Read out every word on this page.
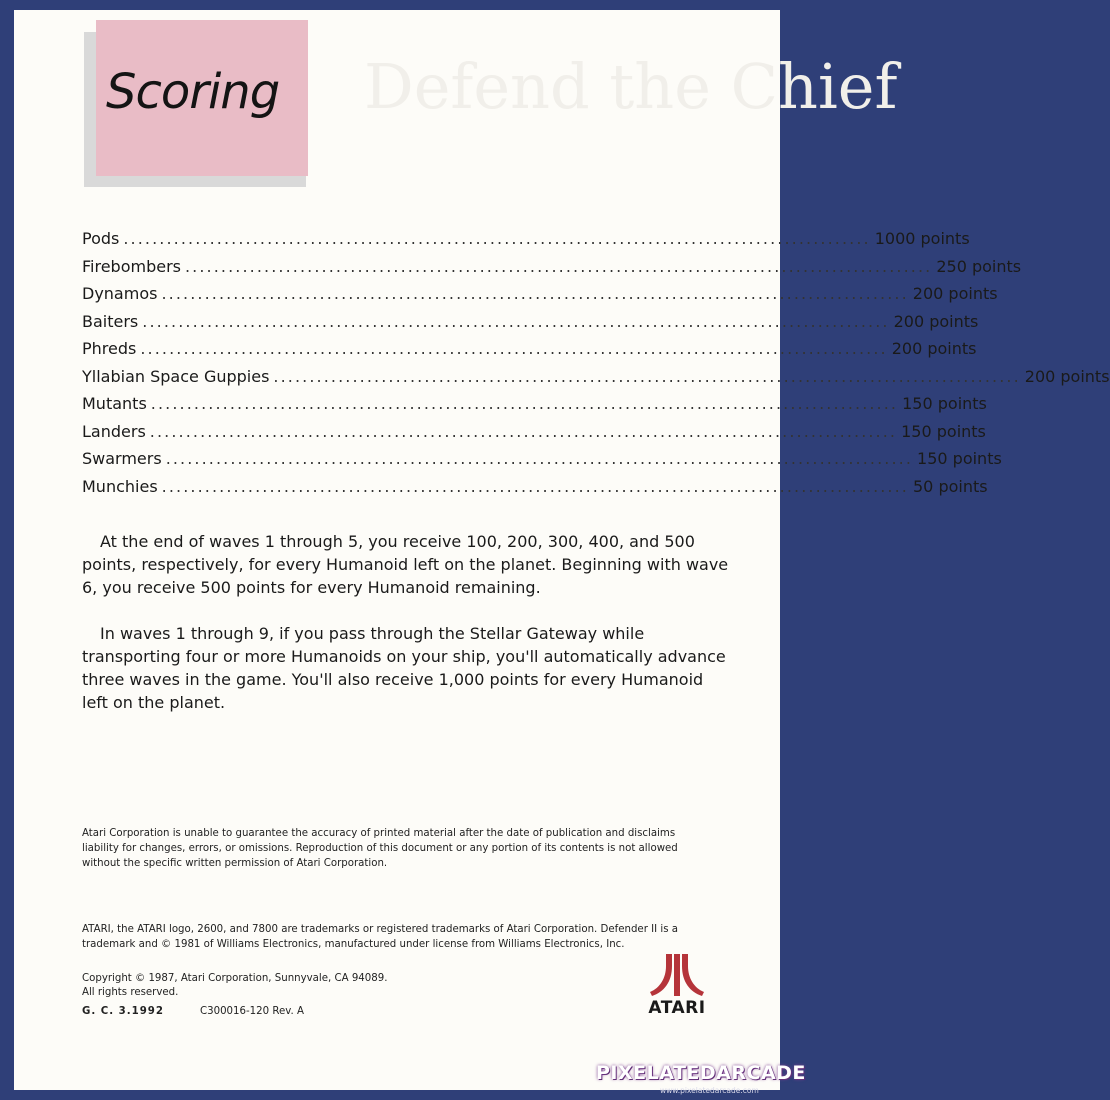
Defend the Chief
Scoring
Pods ........................................................................................................ 1000 points
Firebombers ........................................................................................................ 250 points
Dynamos ........................................................................................................ 200 points
Baiters ........................................................................................................ 200 points
Phreds ........................................................................................................ 200 points
Yllabian Space Guppies ........................................................................................................ 200 points
Mutants ........................................................................................................ 150 points
Landers ........................................................................................................ 150 points
Swarmers ........................................................................................................ 150 points
Munchies ........................................................................................................ 50 points

At the end of waves 1 through 5, you receive 100, 200, 300, 400, and 500 points, respectively, for every Humanoid left on the planet. Beginning with wave 6, you receive 500 points for every Humanoid remaining.

In waves 1 through 9, if you pass through the Stellar Gateway while transporting four or more Humanoids on your ship, you'll automatically advance three waves in the game. You'll also receive 1,000 points for every Humanoid left on the planet.

Atari Corporation is unable to guarantee the accuracy of printed material after the date of publication and disclaims liability for changes, errors, or omissions. Reproduction of this document or any portion of its contents is not allowed without the specific written permission of Atari Corporation.

ATARI, the ATARI logo, 2600, and 7800 are trademarks or registered trademarks of Atari Corporation. Defender II is a trademark and © 1981 of Williams Electronics, manufactured under license from Williams Electronics, Inc.

Copyright © 1987, Atari Corporation, Sunnyvale, CA 94089.
All rights reserved.
G. C. 3.1992	C300016-120 Rev. A	ATARI
PIXELATEDARCADE
www.pixelatedarcade.com
